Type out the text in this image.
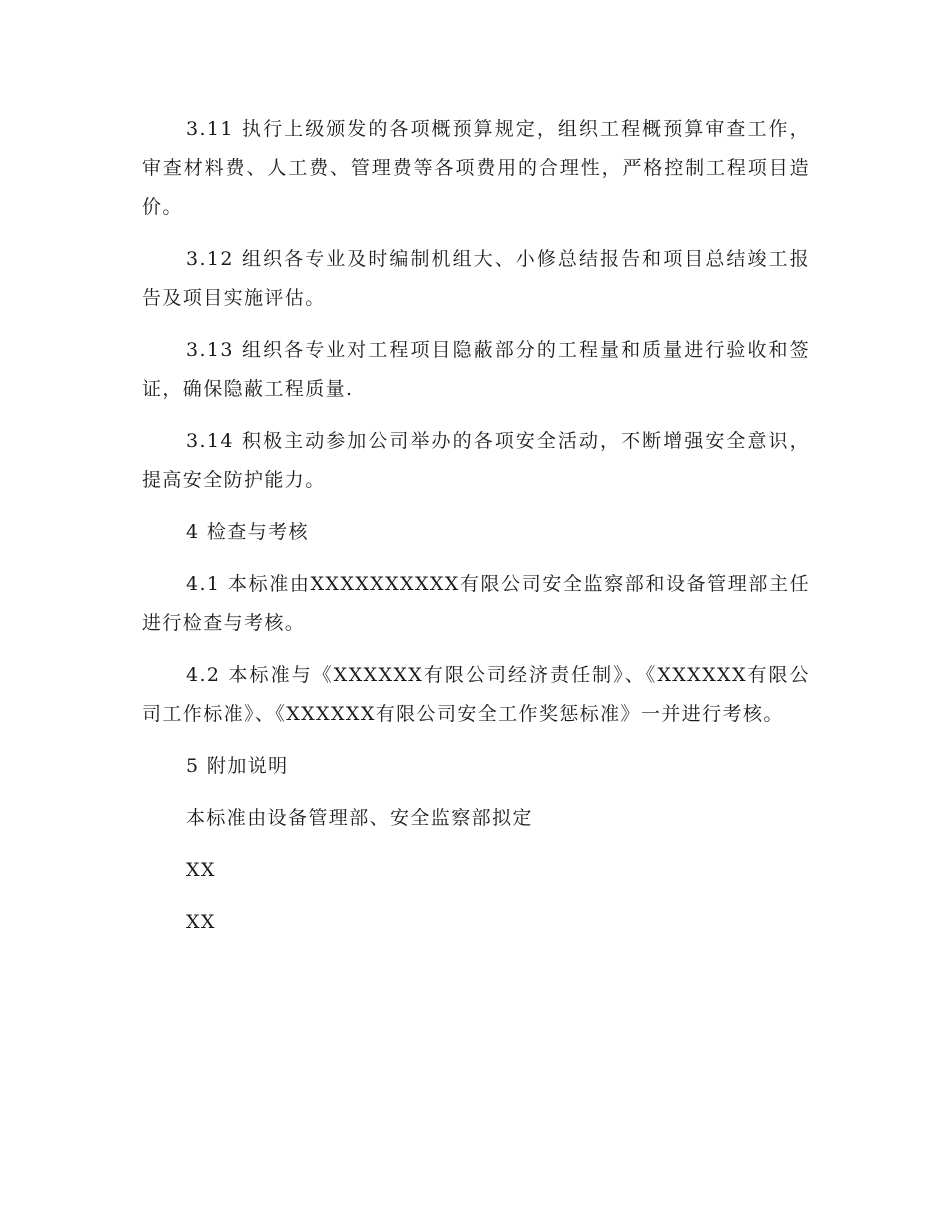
3.11 执行上级颁发的各项概预算规定，组织工程概预算审查工作，审查材料费、人工费、管理费等各项费用的合理性，严格控制工程项目造价。

3.12 组织各专业及时编制机组大、小修总结报告和项目总结竣工报告及项目实施评估。

3.13 组织各专业对工程项目隐蔽部分的工程量和质量进行验收和签证，确保隐蔽工程质量.

3.14 积极主动参加公司举办的各项安全活动，不断增强安全意识，提高安全防护能力。

4 检查与考核

4.1 本标准由XXXXXXXXXX有限公司安全监察部和设备管理部主任进行检查与考核。

4.2 本标准与《XXXXXX有限公司经济责任制》、《XXXXXX有限公司工作标准》、《XXXXXX有限公司安全工作奖惩标准》一并进行考核。

5 附加说明

本标准由设备管理部、安全监察部拟定

XX

XX
